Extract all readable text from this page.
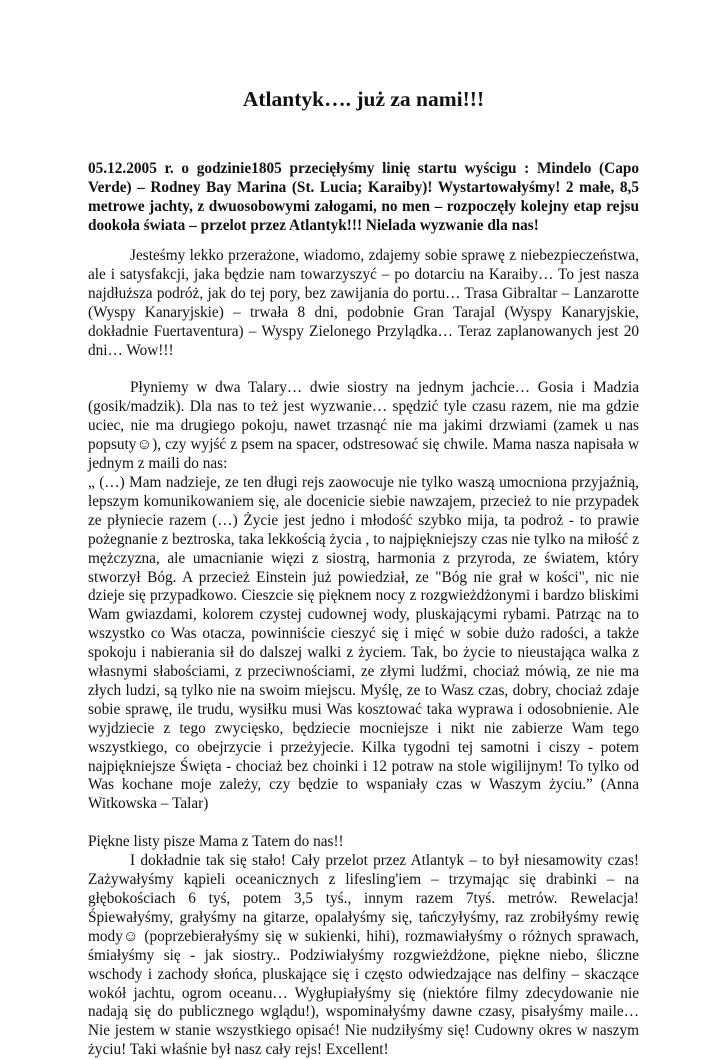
Atlantyk…. już za nami!!!

05.12.2005 r. o godzinie1805 przecięłyśmy linię startu wyścigu : Mindelo (Capo Verde) – Rodney Bay Marina (St. Lucia; Karaiby)! Wystartowałyśmy! 2 małe, 8,5 metrowe jachty, z dwuosobowymi załogami, no men – rozpoczęły kolejny etap rejsu dookoła świata – przelot przez Atlantyk!!! Nielada wyzwanie dla nas!

Jesteśmy lekko przerażone, wiadomo, zdajemy sobie sprawę z niebezpieczeństwa, ale i satysfakcji, jaka będzie nam towarzyszyć – po dotarciu na Karaiby… To jest nasza najdłuższa podróż, jak do tej pory, bez zawijania do portu… Trasa Gibraltar – Lanzarotte (Wyspy Kanaryjskie) – trwała 8 dni, podobnie Gran Tarajal (Wyspy Kanaryjskie, dokładnie Fuertaventura) – Wyspy Zielonego Przylądka… Teraz zaplanowanych jest 20 dni… Wow!!!

Płyniemy w dwa Talary… dwie siostry na jednym jachcie… Gosia i Madzia (gosik/madzik). Dla nas to też jest wyzwanie… spędzić tyle czasu razem, nie ma gdzie uciec, nie ma drugiego pokoju, nawet trzasnąć nie ma jakimi drzwiami (zamek u nas popsuty☺), czy wyjść z psem na spacer, odstresować się chwile. Mama nasza napisała w jednym z maili do nas:

„ (…) Mam nadzieje, ze ten długi rejs zaowocuje nie tylko waszą umocniona przyjaźnią, lepszym komunikowaniem się, ale docenicie siebie nawzajem, przecież to nie przypadek ze płyniecie razem (…) Życie jest jedno i młodość szybko mija, ta podroż - to prawie pożegnanie z beztroska, taka lekkością życia , to najpiękniejszy czas nie tylko na miłość z mężczyzna, ale umacnianie więzi z siostrą, harmonia z przyroda, ze światem, który stworzył Bóg. A przecież Einstein już powiedział, ze "Bóg nie grał w kości", nic nie dzieje się przypadkowo. Cieszcie się pięknem nocy z rozgwieżdżonymi i bardzo bliskimi Wam gwiazdami, kolorem czystej cudownej wody, pluskającymi rybami. Patrząc na to wszystko co Was otacza, powinniście cieszyć się i mięć w sobie dużo radości, a także spokoju i nabierania sił do dalszej walki z życiem. Tak, bo życie to nieustająca walka z własnymi słabościami, z przeciwnościami, ze złymi ludźmi, chociaż mówią, ze nie ma złych ludzi, są tylko nie na swoim miejscu. Myślę, ze to Wasz czas, dobry, chociaż zdaje sobie sprawę, ile trudu, wysiłku musi Was kosztować taka wyprawa i odosobnienie. Ale wyjdziecie z tego zwycięsko, będziecie mocniejsze i nikt nie zabierze Wam tego wszystkiego, co obejrzycie i przeżyjecie. Kilka tygodni tej samotni i ciszy - potem najpiękniejsze Święta - chociaż bez choinki i 12 potraw na stole wigilijnym! To tylko od Was kochane moje zależy, czy będzie to wspaniały czas w Waszym życiu.” (Anna Witkowska – Talar)

Piękne listy pisze Mama z Tatem do nas!!

I dokładnie tak się stało! Cały przelot przez Atlantyk – to był niesamowity czas! Zażywałyśmy kąpieli oceanicznych z lifesling'iem – trzymając się drabinki – na głębokościach 6 tyś, potem 3,5 tyś., innym razem 7tyś. metrów. Rewelacja! Śpiewałyśmy, grałyśmy na gitarze, opalałyśmy się, tańczyłyśmy, raz zrobiłyśmy rewię mody☺ (poprzebierałyśmy się w sukienki, hihi), rozmawiałyśmy o różnych sprawach, śmiałyśmy się - jak siostry.. Podziwiałyśmy rozgwieżdżone, piękne niebo, śliczne wschody i zachody słońca, pluskające się i często odwiedzające nas delfiny – skaczące wokół jachtu, ogrom oceanu… Wygłupiałyśmy się (niektóre filmy zdecydowanie nie nadają się do publicznego wglądu!), wspominałyśmy dawne czasy, pisałyśmy maile… Nie jestem w stanie wszystkiego opisać! Nie nudziłyśmy się! Cudowny okres w naszym życiu! Taki właśnie był nasz cały rejs! Excellent!
